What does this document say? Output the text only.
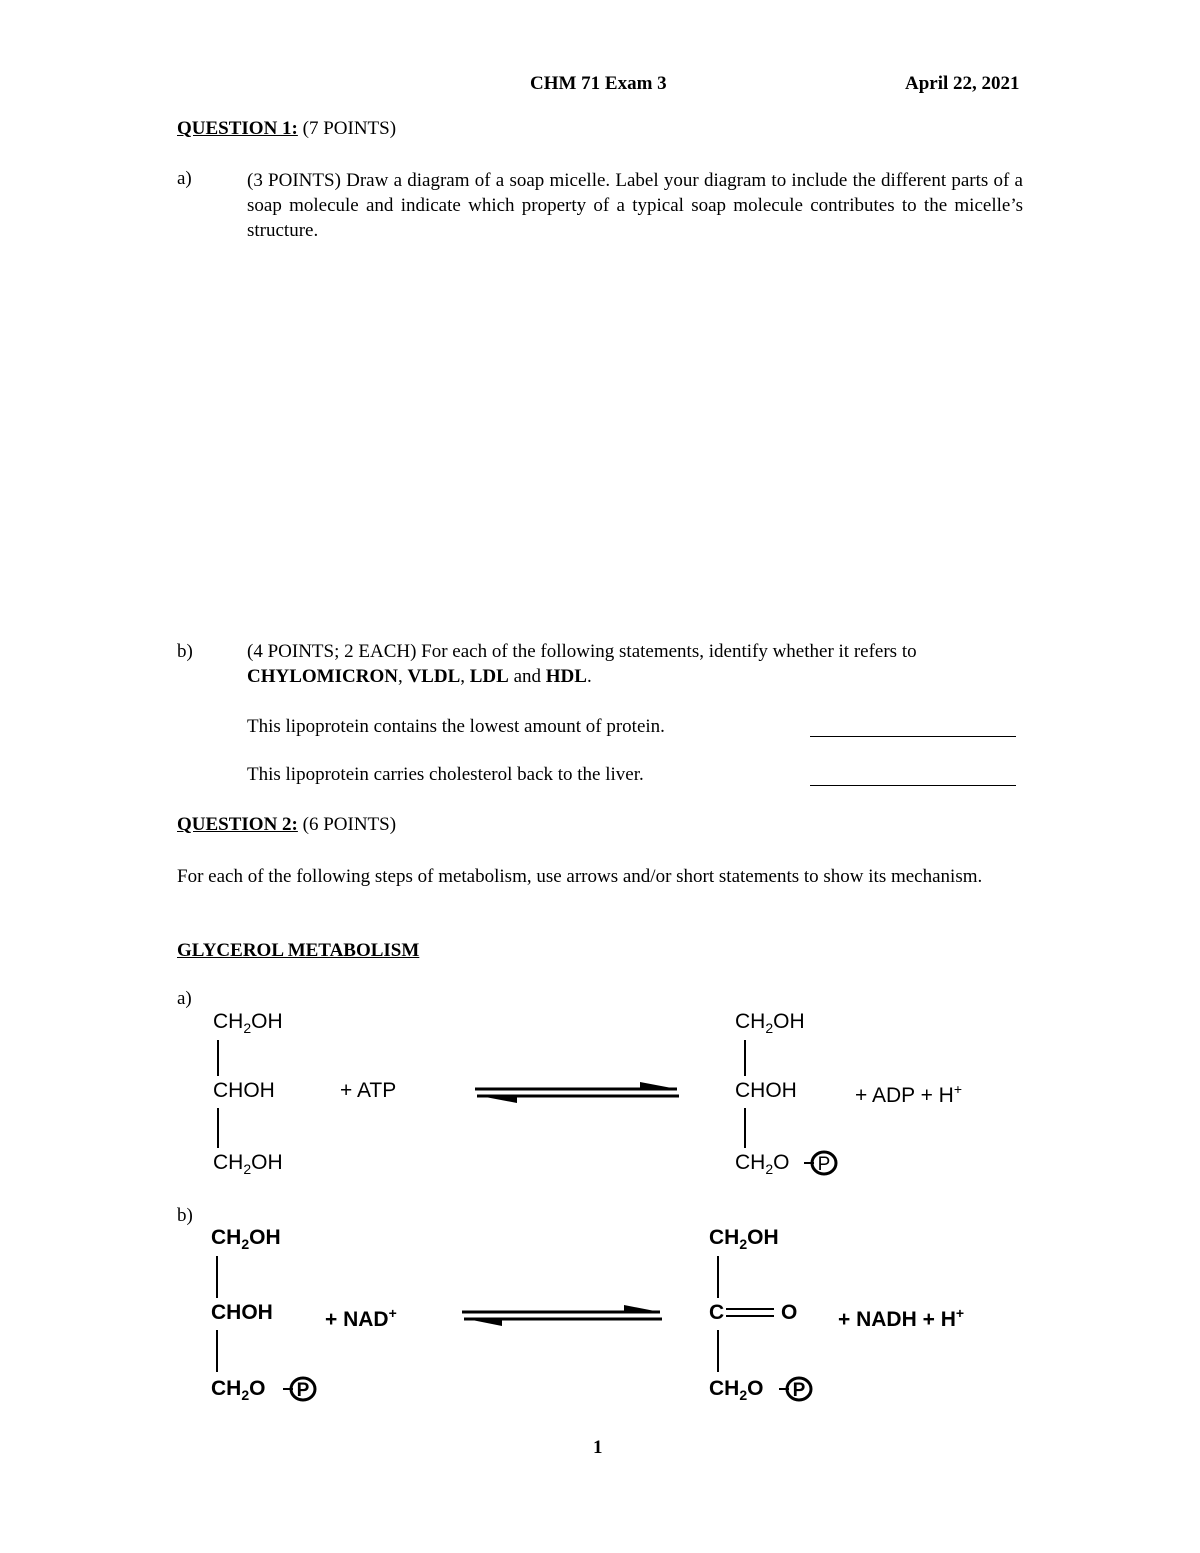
CHM 71 Exam 3	April 22, 2021
QUESTION 1: (7 POINTS)
a)	(3 POINTS) Draw a diagram of a soap micelle. Label your diagram to include the different parts of a soap molecule and indicate which property of a typical soap molecule contributes to the micelle’s structure.
b)	(4 POINTS; 2 EACH) For each of the following statements, identify whether it refers to
CHYLOMICRON, VLDL, LDL and HDL.
This lipoprotein contains the lowest amount of protein.
This lipoprotein carries cholesterol back to the liver.
QUESTION 2: (6 POINTS)
For each of the following steps of metabolism, use arrows and/or short statements to show its mechanism.
GLYCEROL METABOLISM
a)
$CH_2OH$
CHOH
$CH_2OH$
+ ATP
$CH_2OH$
CHOH
$CH_2O$ P
+ ADP + H+
b)
$CH_2OH$
CHOH
$CH_2O$ P
+ NAD+
$CH_2OH$
C	O
$CH_2O$ P
+ NADH + H+
1
